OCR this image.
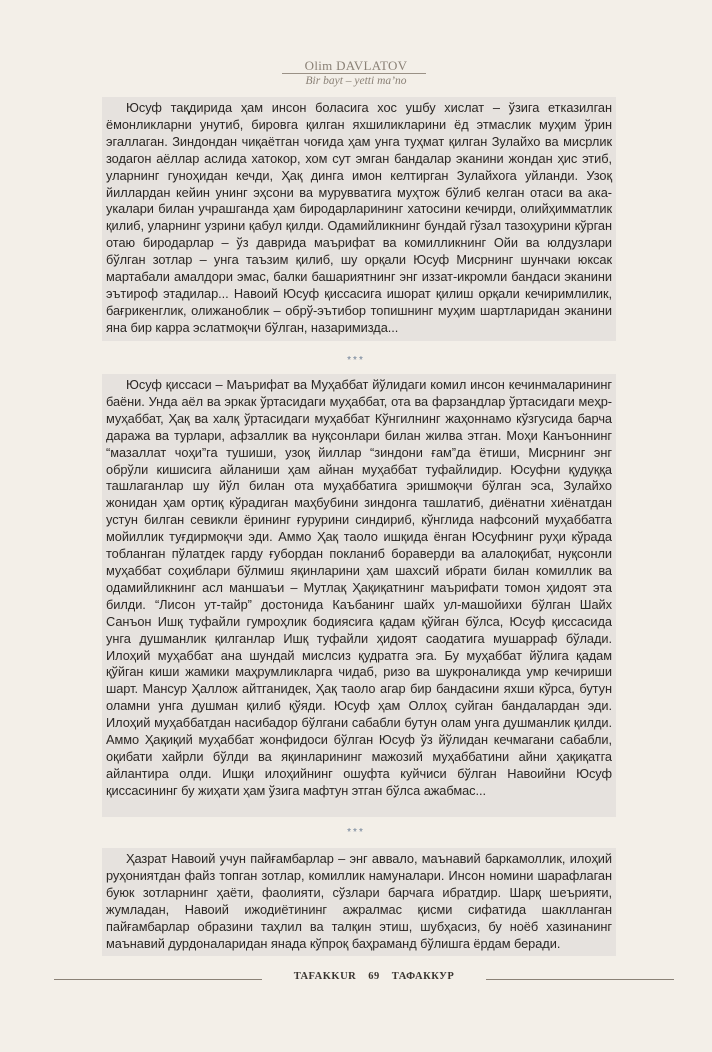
Olim DAVLATOV
Bir bayt – yetti ma’no

Юсуф тақдирида ҳам инсон боласига хос ушбу хислат – ўзига етказилган ёмонликларни унутиб, бировга қилган яхшиликларини ёд этмаслик муҳим ўрин эгаллаган. Зиндондан чиқаётган чоғида ҳам унга туҳмат қилган Зулайхо ва мисрлик зодагон аёллар аслида хатокор, хом сут эмган бандалар эканини жондан ҳис этиб, уларнинг гуноҳидан кечди, Ҳақ динга имон келтирган Зулайхога уйланди. Узоқ йиллардан кейин унинг эҳсони ва мурувватига муҳтож бўлиб келган отаси ва ака-укалари билан учрашганда ҳам биродарларининг хатосини кечирди, олийҳимматлик қилиб, уларнинг узрини қабул қилди. Одамийликнинг бундай гўзал тазоҳурини кўрган отаю биродарлар – ўз даврида маърифат ва комилликнинг Ойи ва юлдузлари бўлган зотлар – унга таъзим қилиб, шу орқали Юсуф Мисрнинг шунчаки юксак мартабали амалдори эмас, балки башариятнинг энг иззат-икромли бандаси эканини эътироф этадилар... Навоий Юсуф қиссасига ишорат қилиш орқали кечиримлилик, бағрикенглик, олижаноблик – обрў-эътибор топишнинг муҳим шартларидан эканини яна бир карра эслатмоқчи бўлган, назаримизда...

***

Юсуф қиссаси – Маърифат ва Муҳаббат йўлидаги комил инсон кечинмаларининг баёни. Унда аёл ва эркак ўртасидаги муҳаббат, ота ва фарзандлар ўртасидаги меҳр-муҳаббат, Ҳақ ва халқ ўртасидаги муҳаббат Кўнгилнинг жаҳоннамо кўзгусида барча даража ва турлари, афзаллик ва нуқсонлари билан жилва этган. Моҳи Канъоннинг “мазаллат чоҳи”га тушиши, узоқ йиллар “зиндони ғам”да ётиши, Мисрнинг энг обрўли кишисига айланиши ҳам айнан муҳаббат туфайлидир. Юсуфни қудуққа ташлаганлар шу йўл билан ота муҳаббатига эришмоқчи бўлган эса, Зулайхо жонидан ҳам ортиқ кўрадиган маҳбубини зиндонга ташлатиб, диёнатни хиёнатдан устун билган севикли ёрининг ғурурини синдириб, кўнглида нафсоний муҳаббатга мойиллик туғдирмоқчи эди. Аммо Ҳақ таоло ишқида ёнган Юсуфнинг руҳи кўрада тобланган пўлатдек гарду ғубордан покланиб бораверди ва алалоқибат, нуқсонли муҳаббат соҳиблари бўлмиш яқинларини ҳам шахсий ибрати билан комиллик ва одамийликнинг асл маншаъи – Мутлақ Ҳақиқатнинг маърифати томон ҳидоят эта билди. “Лисон ут-тайр” достонида Каъбанинг шайх ул-машойихи бўлган Шайх Санъон Ишқ туфайли гумроҳлик бодиясига қадам қўйган бўлса, Юсуф қиссасида унга душманлик қилганлар Ишқ туфайли ҳидоят саодатига мушарраф бўлади. Илоҳий муҳаббат ана шундай мислсиз қудратга эга. Бу муҳаббат йўлига қадам қўйган киши жамики маҳрумликларга чидаб, ризо ва шукроналикда умр кечириши шарт. Мансур Ҳаллож айтганидек, Ҳақ таоло агар бир бандасини яхши кўрса, бутун оламни унга душман қилиб қўяди. Юсуф ҳам Оллоҳ суйган бандалардан эди. Илоҳий муҳаббатдан насибадор бўлгани сабабли бутун олам унга душманлик қилди. Аммо Ҳақиқий муҳаббат жонфидоси бўлган Юсуф ўз йўлидан кечмагани сабабли, оқибати хайрли бўлди ва яқинларининг мажозий муҳаббатини айни ҳақиқатга айлантира олди. Ишқи илоҳийнинг ошуфта куйчиси бўлган Навоийни Юсуф қиссасининг бу жиҳати ҳам ўзига мафтун этган бўлса ажабмас...

***

Ҳазрат Навоий учун пайғамбарлар – энг аввало, маънавий баркамоллик, илоҳий руҳониятдан файз топган зотлар, комиллик намуналари. Инсон номини шарафлаган буюк зотларнинг ҳаёти, фаолияти, сўзлари барчага ибратдир. Шарқ шеърияти, жумладан, Навоий ижодиётининг ажралмас қисми сифатида шаклланган пайғамбарлар образини таҳлил ва талқин этиш, шубҳасиз, бу ноёб хазинанинг маънавий дурдоналаридан янада кўпроқ баҳраманд бўлишга ёрдам беради.

TAFAKKUR 69 ТАФАККУР
